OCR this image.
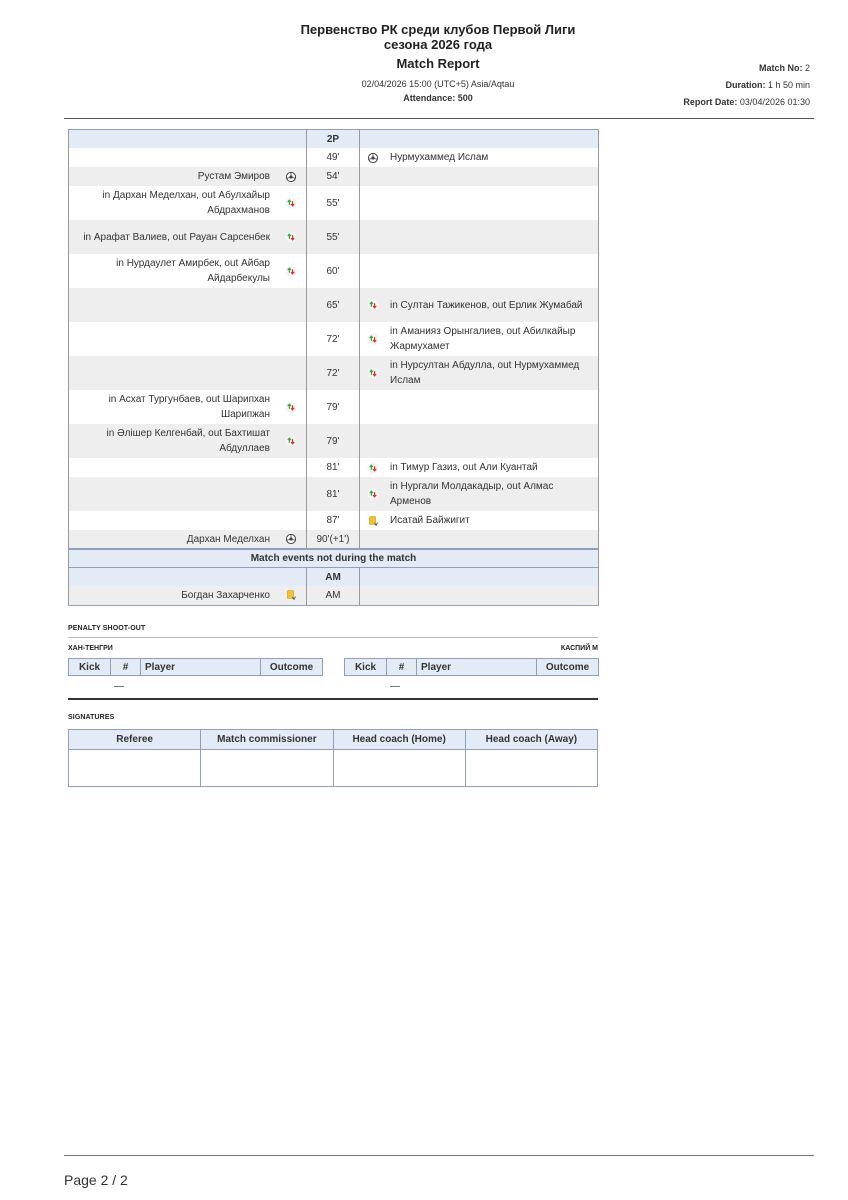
Первенство РК среди клубов Первой Лиги
сезона 2026 года
Match Report
02/04/2026 15:00 (UTC+5) Asia/Aqtau
Attendance: 500
Match No: 2
Duration: 1 h 50 min
Report Date: 03/04/2026 01:30
	2P	
	49'	Нурмухаммед Ислам

Рустам Эмиров	54'	
in Дархан Меделхан, out Абулхайыр Абдрахманов	55'	
in Арафат Валиев, out Рауан Сарсенбек	55'	
in Нурдаулет Амирбек, out Айбар Айдарбекулы	60'	
	65'	in Султан Тажикенов, out Ерлик Жумабай

	72'	in Аманияз Орынгалиев, out Абилкайыр Жармухамет

	72'	in Нурсултан Абдулла, out Нурмухаммед Ислам

in Асхат Тургунбаев, out Шарипхан Шарипжан	79'	
in Әлішер Келгенбай, out Бахтишат Абдуллаев	79'	
	81'	in Тимур Газиз, out Али Куантай

	81'	in Нургали Молдакадыр, out Алмас Арменов

	87'	Исатай Байжигит

Дархан Меделхан	90'(+1')	
Match events not during the match		
	AM	
Богдан Захарченко	AM	
PENALTY SHOOT-OUT
ХАН-ТЕНГРИ	КАСПИЙ М
Kick	#	Player	Outcome	Kick	#	Player	Outcome
—	—
SIGNATURES
Referee	Match commissioner	Head coach (Home)	Head coach (Away)

Page 2 / 2
